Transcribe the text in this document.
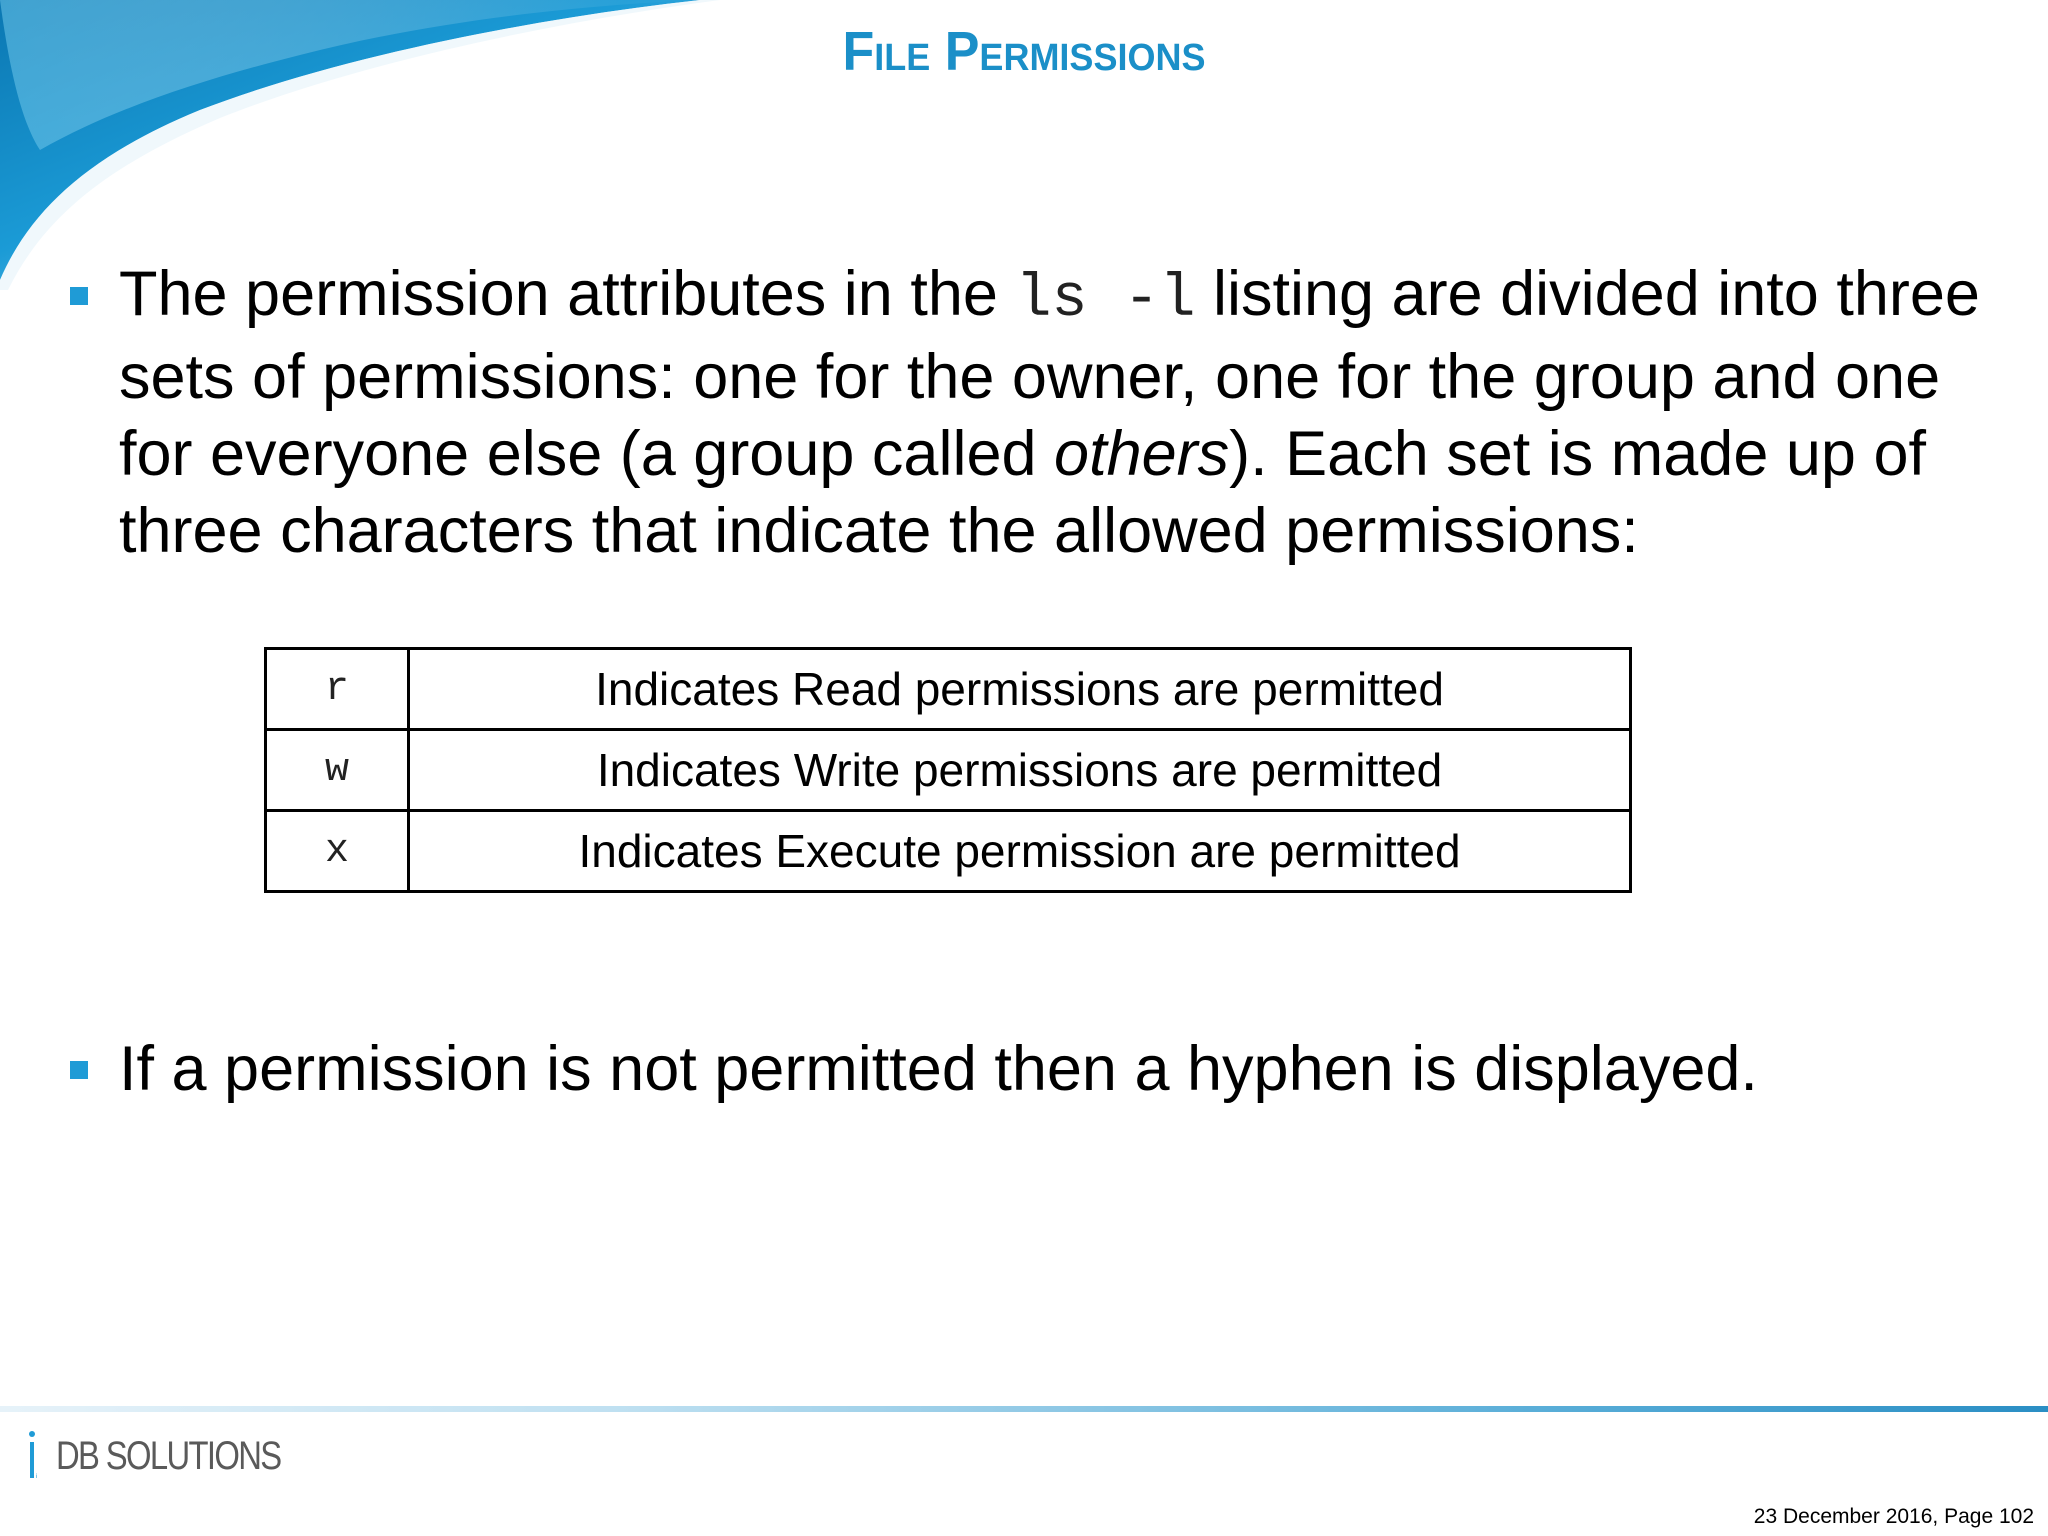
File Permissions

The permission attributes in the ls -l listing are divided into three sets of permissions: one for the owner, one for the group and one for everyone else (a group called others). Each set is made up of three characters that indicate the allowed permissions:

r	Indicates Read permissions are permitted
w	Indicates Write permissions are permitted
x	Indicates Execute permission are permitted

If a permission is not permitted then a hyphen is displayed.

i DB SOLUTIONS
23 December 2016, Page 102
